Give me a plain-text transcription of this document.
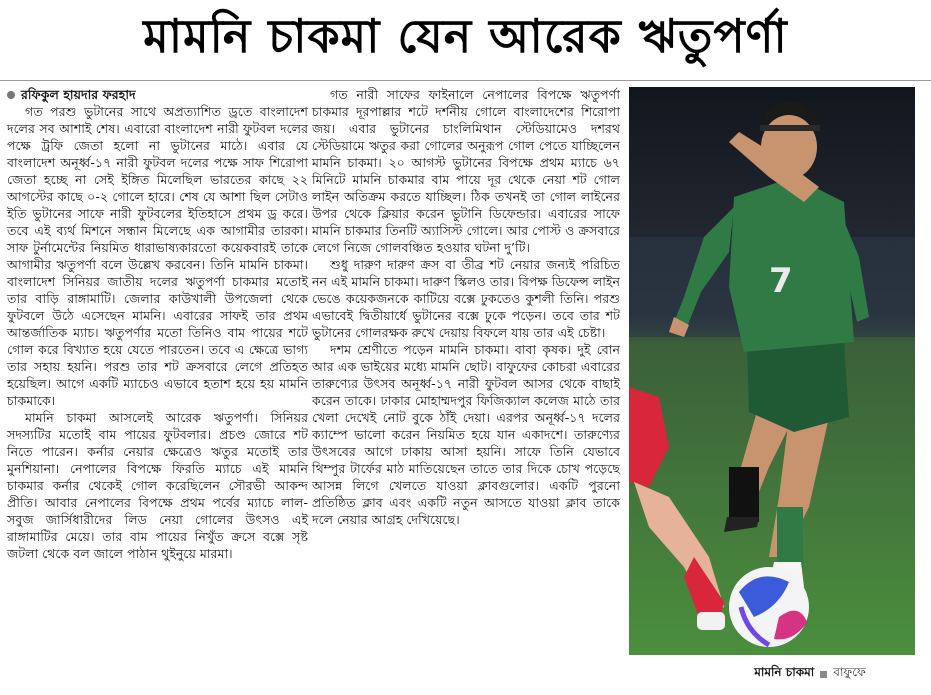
মামনি চাকমা যেন আরেক ঋতুপর্ণা
রফিকুল হায়দার ফরহাদ

গত পরশু ভুটানের সাথে অপ্রত্যাশিত ড্রতে বাংলাদেশ দলের সব আশাই শেষ। এবারো বাংলাদেশ নারী ফুটবল দলের পক্ষে ট্রফি জেতা হলো না ভুটানের মাঠে। এবার যে বাংলাদেশ অনূর্ধ্ব-১৭ নারী ফুটবল দলের পক্ষে সাফ শিরোপা জেতা হচ্ছে না সেই ইঙ্গিত মিলেছিল ভারতের কাছে ২২ আগস্টের কাছে ০-২ গোলে হারে। শেষ যে আশা ছিল সেটাও ইতি ভুটানের সাফে নারী ফুটবলের ইতিহাসে প্রথম ড্র করে। তবে এই ব্যর্থ মিশনে সন্ধান মিলেছে এক আগামীর তারকা। সাফ টুর্নামেন্টের নিয়মিত ধারাভাষ্যকারতো কয়েকবারই তাকে আগামীর ঋতুপর্ণা বলে উল্লেখ করবেন। তিনি মামনি চাকমা। বাংলাদেশ সিনিয়র জাতীয় দলের ঋতুপর্ণা চাকমার মতোই তার বাড়ি রাঙ্গামাটি। জেলার কাউখালী উপজেলা থেকে ফুটবলে উঠে এসেছেন মামনি। এবারের সাফই তার প্রথম আন্তর্জাতিক ম্যাচ। ঋতুপর্ণার মতো তিনিও বাম পায়ের শটে গোল করে বিখ্যাত হয়ে যেতে পারতেন। তবে এ ক্ষেত্রে ভাগ্য তার সহায় হয়নি। পরশু তার শট ক্রসবারে লেগে প্রতিহত হয়েছিল। আগে একটি ম্যাচেও এভাবে হতাশ হয়ে হয় মামনি চাকমাকে।

মামনি চাকমা আসলেই আরেক ঋতুপর্ণা। সিনিয়র সদস্যটির মতোই বাম পায়ের ফুটবলার। প্রচণ্ড জোরে শট নিতে পারেন। কর্নার নেয়ার ক্ষেত্রেও ঋতুর মতোই তার মুনশিয়ানা। নেপালের বিপক্ষে ফিরতি ম্যাচে এই মামনি চাকমার কর্নার থেকেই গোল করেছিলেন সৌরভী আকন্দ প্রীতি। আবার নেপালের বিপক্ষে প্রথম পর্বের ম্যাচে লাল-সবুজ জার্সিধারীদের লিড নেয়া গোলের উৎসও এই রাঙ্গামাটির মেয়ে। তার বাম পায়ের নিখুঁত ক্রসে বক্সে সৃষ্ট জটলা থেকে বল জালে পাঠান থুইনুয়ে মারমা।

গত নারী সাফের ফাইনালে নেপালের বিপক্ষে ঋতুপর্ণা চাকমার দূরপাল্লার শটে দর্শনীয় গোলে বাংলাদেশের শিরোপা জয়। এবার ভুটানের চাংলিমিথান স্টেডিয়ামেও দশরথ স্টেডিয়ামে ঋতুর করা গোলের অনুরূপ গোল পেতে যাচ্ছিলেন মামনি চাকমা। ২০ আগস্ট ভুটানের বিপক্ষে প্রথম ম্যাচে ৬৭ মিনিটে মামনি চাকমার বাম পায়ে দূর থেকে নেয়া শট গোল লাইন অতিক্রম করতে যাচ্ছিল। ঠিক তখনই তা গোল লাইনের উপর থেকে ক্লিয়ার করেন ভুটানি ডিফেন্ডার। এবারের সাফে মামনি চাকমার তিনটি অ্যাসিস্ট গোলে। আর পোস্ট ও ক্রসবারে লেগে নিজে গোলবঞ্চিত হওয়ার ঘটনা দু’টি।

শুধু দারুণ দারুণ ক্রস বা তীব্র শট নেয়ার জন্যই পরিচিত নন এই মামনি চাকমা। দারুণ স্কিলও তার। বিপক্ষ ডিফেন্স লাইন ভেঙে কয়েকজনকে কাটিয়ে বক্সে ঢুকতেও কুশলী তিনি। পরশু এভাবেই দ্বিতীয়ার্ধে ভুটানের বক্সে ঢুকে পড়েন। তবে তার শট ভুটানের গোলরক্ষক রুখে দেয়ায় বিফলে যায় তার এই চেষ্টা।

দশম শ্রেণীতে পড়েন মামনি চাকমা। বাবা কৃষক। দুই বোন আর এক ভাইয়ের মধ্যে মামনি ছোট। বাফুফের কোচরা এবারের তারুণ্যের উৎসব অনূর্ধ্ব-১৭ নারী ফুটবল আসর থেকে বাছাই করেন তাকে। ঢাকার মোহাম্মদপুর ফিজিক্যাল কলেজ মাঠে তার খেলা দেখেই নোট বুকে ঠাঁই দেয়া। এরপর অনূর্ধ্ব-১৭ দলের ক্যাম্পে ভালো করেন নিয়মিত হয়ে যান একাদশে। তারুণ্যের উৎসবের আগে ঢাকায় আসা হয়নি। সাফে তিনি যেভাবে থিম্পুর টার্ফের মাঠ মাতিয়েছেন তাতে তার দিকে চোখ পড়েছে আসন্ন লিগে খেলতে যাওয়া ক্লাবগুলোর। একটি পুরনো প্রতিষ্ঠিত ক্লাব এবং একটি নতুন আসতে যাওয়া ক্লাব তাকে দলে নেয়ার আগ্রহ দেখিয়েছে।

7
মামনি চাকমা বাফুফে
